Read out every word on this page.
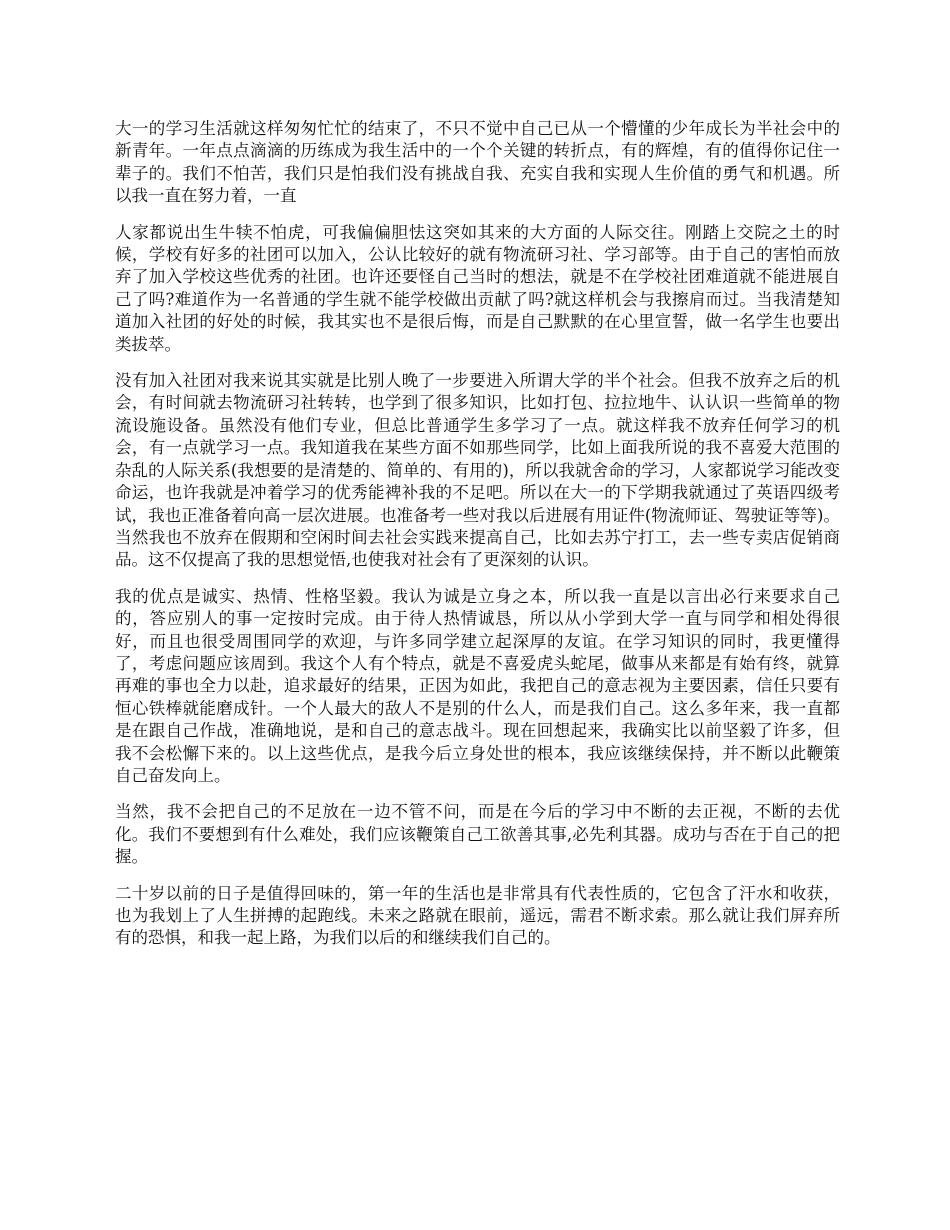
大一的学习生活就这样匆匆忙忙的结束了，不只不觉中自己已从一个懵懂的少年成长为半社会中的新青年。一年点点滴滴的历练成为我生活中的一个个关键的转折点，有的辉煌，有的值得你记住一辈子的。我们不怕苦，我们只是怕我们没有挑战自我、充实自我和实现人生价值的勇气和机遇。所以我一直在努力着，一直

人家都说出生牛犊不怕虎，可我偏偏胆怯这突如其来的大方面的人际交往。刚踏上交院之土的时候，学校有好多的社团可以加入，公认比较好的就有物流研习社、学习部等。由于自己的害怕而放弃了加入学校这些优秀的社团。也许还要怪自己当时的想法，就是不在学校社团难道就不能进展自己了吗?难道作为一名普通的学生就不能学校做出贡献了吗?就这样机会与我擦肩而过。当我清楚知道加入社团的好处的时候，我其实也不是很后悔，而是自己默默的在心里宣誓，做一名学生也要出类拔萃。

没有加入社团对我来说其实就是比别人晚了一步要进入所谓大学的半个社会。但我不放弃之后的机会，有时间就去物流研习社转转，也学到了很多知识，比如打包、拉拉地牛、认认识一些简单的物流设施设备。虽然没有他们专业，但总比普通学生多学习了一点。就这样我不放弃任何学习的机会，有一点就学习一点。我知道我在某些方面不如那些同学，比如上面我所说的我不喜爱大范围的杂乱的人际关系(我想要的是清楚的、简单的、有用的)，所以我就舍命的学习，人家都说学习能改变命运，也许我就是冲着学习的优秀能裨补我的不足吧。所以在大一的下学期我就通过了英语四级考试，我也正准备着向高一层次进展。也准备考一些对我以后进展有用证件(物流师证、驾驶证等等)。当然我也不放弃在假期和空闲时间去社会实践来提高自己，比如去苏宁打工，去一些专卖店促销商品。这不仅提高了我的思想觉悟,也使我对社会有了更深刻的认识。

我的优点是诚实、热情、性格坚毅。我认为诚是立身之本，所以我一直是以言出必行来要求自己的，答应别人的事一定按时完成。由于待人热情诚恳，所以从小学到大学一直与同学和相处得很好，而且也很受周围同学的欢迎，与许多同学建立起深厚的友谊。在学习知识的同时，我更懂得了，考虑问题应该周到。我这个人有个特点，就是不喜爱虎头蛇尾，做事从来都是有始有终，就算再难的事也全力以赴，追求最好的结果，正因为如此，我把自己的意志视为主要因素，信任只要有恒心铁棒就能磨成针。一个人最大的敌人不是别的什么人，而是我们自己。这么多年来，我一直都是在跟自己作战，准确地说，是和自己的意志战斗。现在回想起来，我确实比以前坚毅了许多，但我不会松懈下来的。以上这些优点，是我今后立身处世的根本，我应该继续保持，并不断以此鞭策自己奋发向上。

当然，我不会把自己的不足放在一边不管不问，而是在今后的学习中不断的去正视，不断的去优化。我们不要想到有什么难处，我们应该鞭策自己工欲善其事,必先利其器。成功与否在于自己的把握。

二十岁以前的日子是值得回味的，第一年的生活也是非常具有代表性质的，它包含了汗水和收获，也为我划上了人生拼搏的起跑线。未来之路就在眼前，遥远，需君不断求索。那么就让我们屏弃所有的恐惧，和我一起上路，为我们以后的和继续我们自己的。
